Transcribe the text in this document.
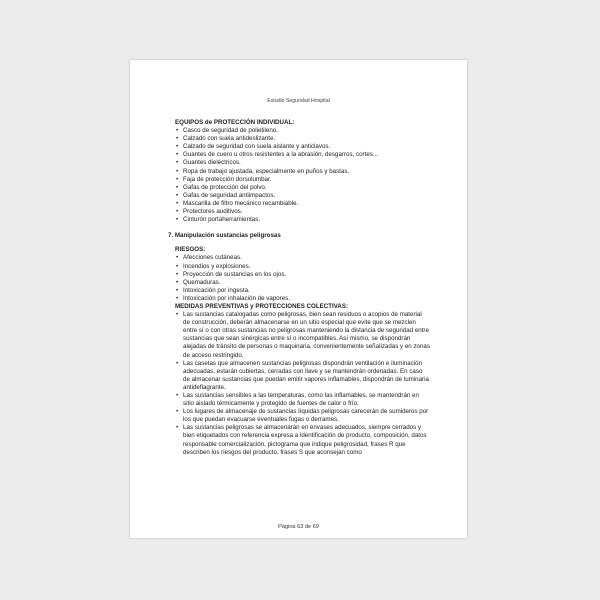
Estudio Seguridad Hospital

EQUIPOS de PROTECCIÓN INDIVIDUAL:

• Casco de seguridad de polietileno.
• Calzado con suela antideslizante.
• Calzado de seguridad con suela aislante y anticlavos.
• Guantes de cuero u otros resistentes a la abrasión, desgarros, cortes...
• Guantes dieléctricos.
• Ropa de trabajo ajustada, especialmente en puños y bastas.
• Faja de protección dorsolumbar.
• Gafas de protección del polvo.
• Gafas de seguridad antiimpactos.
• Mascarilla de filtro mecánico recambiable.
• Protectores auditivos.
• Cinturón portaherramientas.

7. Manipulación sustancias peligrosas

RIESGOS:

• Afecciones cutáneas.
• Incendios y explosiones.
• Proyección de sustancias en los ojos.
• Quemaduras.
• Intoxicación por ingesta.
• Intoxicación por inhalación de vapores.

MEDIDAS PREVENTIVAS y PROTECCIONES COLECTIVAS:

• Las sustancias catalogadas como peligrosas, bien sean residuos o acopios de material de construcción, deberán almacenarse en un sitio especial que evite que se mezclen entre sí o con otras sustancias no peligrosas manteniendo la distancia de seguridad entre sustancias que sean sinérgicas entre sí o incompatibles. Así mismo, se dispondrán alejadas de tránsito de personas o maquinaria, convenientemente señalizadas y en zonas de acceso restringido.
• Las casetas que almacenen sustancias peligrosas dispondrán ventilación e iluminación adecuadas, estarán cubiertas, cerradas con llave y se mantendrán ordenadas. En caso de almacenar sustancias que puedan emitir vapores inflamables, dispondrán de luminaria antideflagrante.
• Las sustancias sensibles a las temperaturas, como las inflamables, se mantendrán en sitio aislado térmicamente y protegido de fuentes de calor o frío.
• Los lugares de almacenaje de sustancias líquidas peligrosas carecerán de sumideros por los que puedan evacuarse eventuales fugas o derrames.
• Las sustancias peligrosas se almacenarán en envases adecuados, siempre cerrados y bien etiquetados con referencia expresa a identificación de producto, composición, datos responsable comercialización, pictograma que indique peligrosidad, frases R que describen los riesgos del producto, frases S que aconsejan como
Página 63 de 69
